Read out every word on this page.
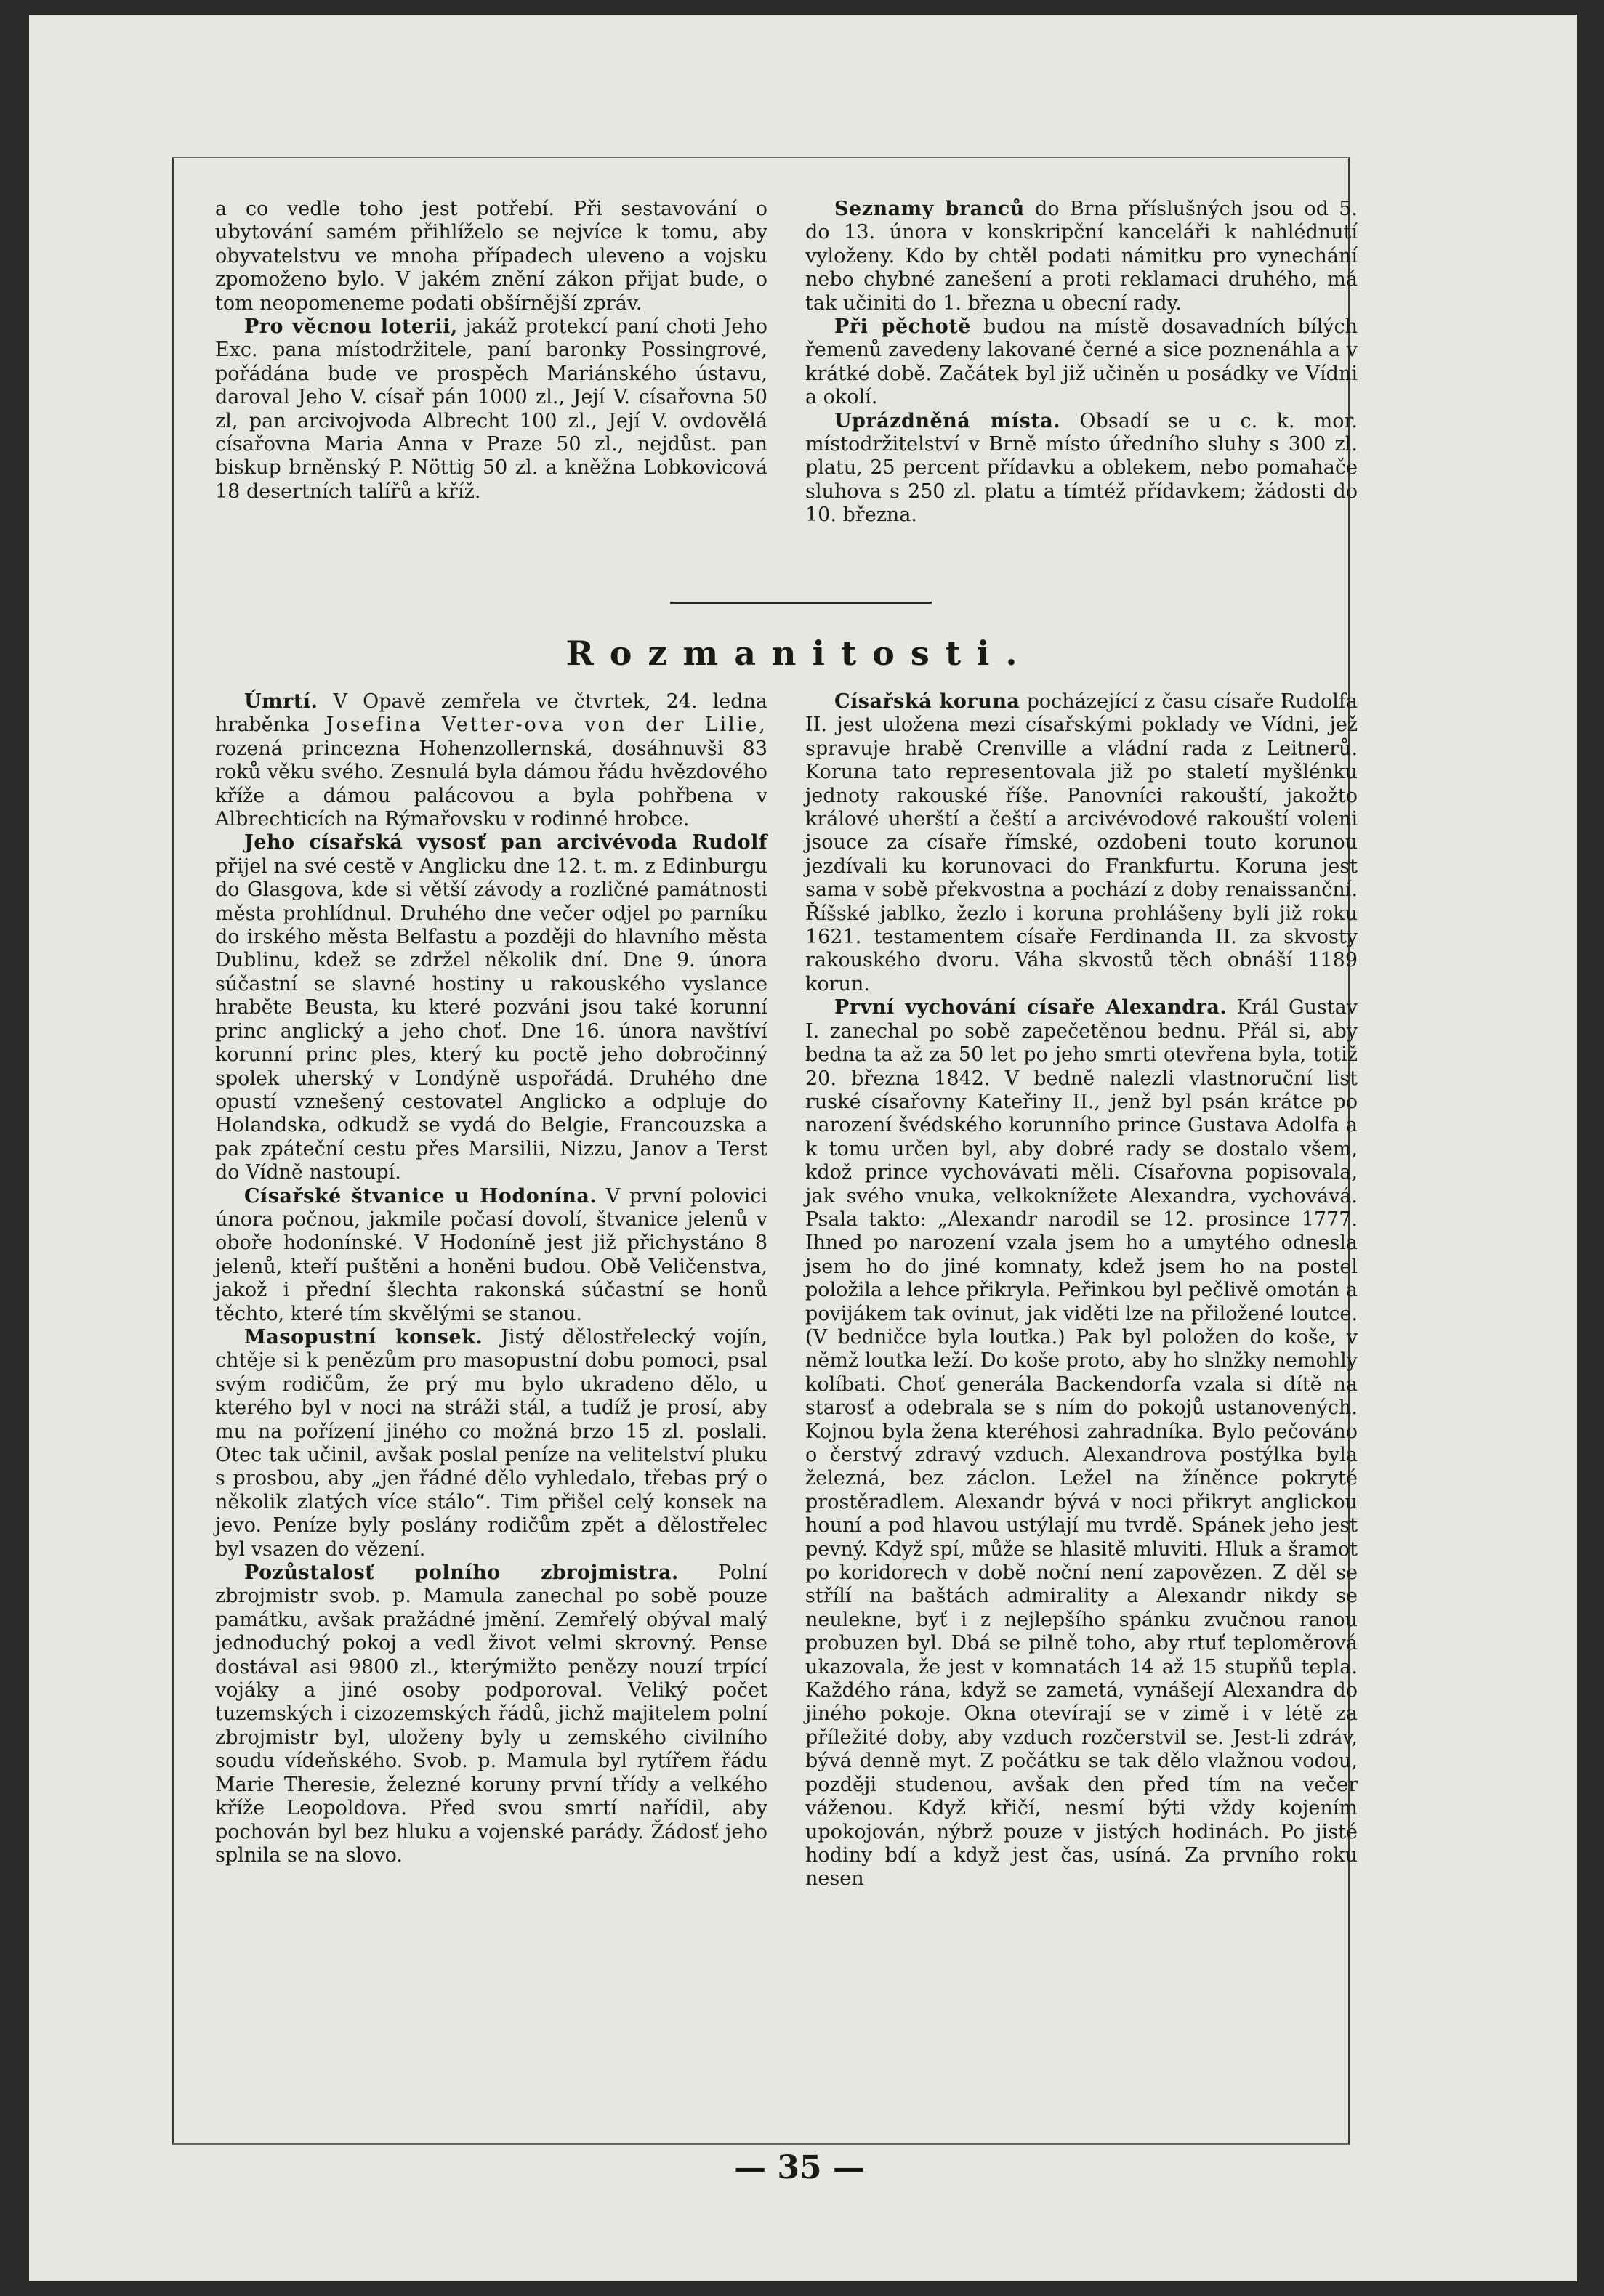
a co vedle toho jest potřebí. Při sestavování o ubytování samém přihlíželo se nejvíce k tomu, aby obyvatelstvu ve mnoha případech uleveno a vojsku zpomoženo bylo. V jakém znění zákon přijat bude, o tom neopomeneme podati obšírnější zpráv.

Pro věcnou loterii, jakáž protekcí paní choti Jeho Exc. pana místodržitele, paní baronky Possingrové, pořádána bude ve prospěch Mariánského ústavu, daroval Jeho V. císař pán 1000 zl., Její V. císařovna 50 zl, pan arcivojvoda Albrecht 100 zl., Její V. ovdovělá císařovna Maria Anna v Praze 50 zl., nejdůst. pan biskup brněnský P. Nöttig 50 zl. a kněžna Lobkovicová 18 desertních talířů a kříž.

Seznamy branců do Brna příslušných jsou od 5. do 13. února v konskripční kanceláři k nahlédnutí vyloženy. Kdo by chtěl podati námitku pro vynechání nebo chybné zanešení a proti reklamaci druhého, má tak učiniti do 1. března u obecní rady.

Při pěchotě budou na místě dosavadních bílých řemenů zavedeny lakované černé a sice poznenáhla a v krátké době. Začátek byl již učiněn u posádky ve Vídni a okolí.

Uprázdněná místa. Obsadí se u c. k. mor. místodržitelství v Brně místo úředního sluhy s 300 zl. platu, 25 percent přídavku a oblekem, nebo pomahače sluhova s 250 zl. platu a tímtéž přídavkem; žádosti do 10. března.

Rozmanitosti.

Úmrtí. V Opavě zemřela ve čtvrtek, 24. ledna hraběnka Josefina Vetter-ova von der Lilie, rozená princezna Hohenzollernská, dosáhnuvši 83 roků věku svého. Zesnulá byla dámou řádu hvězdového kříže a dámou palácovou a byla pohřbena v Albrechticích na Rýmařovsku v rodinné hrobce.

Jeho císařská vysosť pan arcivévoda Rudolf přijel na své cestě v Anglicku dne 12. t. m. z Edinburgu do Glasgova, kde si větší závody a rozličné památnosti města prohlídnul. Druhého dne večer odjel po parníku do irského města Belfastu a později do hlavního města Dublinu, kdež se zdržel několik dní. Dne 9. února súčastní se slavné hostiny u rakouského vyslance hraběte Beusta, ku které pozváni jsou také korunní princ anglický a jeho choť. Dne 16. února navštíví korunní princ ples, který ku poctě jeho dobročinný spolek uherský v Londýně uspořádá. Druhého dne opustí vznešený cestovatel Anglicko a odpluje do Holandska, odkudž se vydá do Belgie, Francouzska a pak zpáteční cestu přes Marsilii, Nizzu, Janov a Terst do Vídně nastoupí.

Císařské štvanice u Hodonína. V první polovici února počnou, jakmile počasí dovolí, štvanice jelenů v oboře hodonínské. V Hodoníně jest již přichystáno 8 jelenů, kteří puštěni a honěni budou. Obě Veličenstva, jakož i přední šlechta rakonská súčastní se honů těchto, které tím skvělými se stanou.

Masopustní konsek. Jistý dělostřelecký vojín, chtěje si k penězům pro masopustní dobu pomoci, psal svým rodičům, že prý mu bylo ukradeno dělo, u kterého byl v noci na stráži stál, a tudíž je prosí, aby mu na pořízení jiného co možná brzo 15 zl. poslali. Otec tak učinil, avšak poslal peníze na velitelství pluku s prosbou, aby „jen řádné dělo vyhledalo, třebas prý o několik zlatých více stálo“. Tim přišel celý konsek na jevo. Peníze byly poslány rodičům zpět a dělostřelec byl vsazen do vězení.

Pozůstalosť polního zbrojmistra. Polní zbrojmistr svob. p. Mamula zanechal po sobě pouze památku, avšak pražádné jmění. Zemřelý obýval malý jednoduchý pokoj a vedl život velmi skrovný. Pense dostával asi 9800 zl., kterýmižto penězy nouzí trpící vojáky a jiné osoby podporoval. Veliký počet tuzemských i cizozemských řádů, jichž majitelem polní zbrojmistr byl, uloženy byly u zemského civilního soudu vídeňského. Svob. p. Mamula byl rytířem řádu Marie Theresie, železné koruny první třídy a velkého kříže Leopoldova. Před svou smrtí nařídil, aby pochován byl bez hluku a vojenské parády. Žádosť jeho splnila se na slovo.

Císařská koruna pocházející z času císaře Rudolfa II. jest uložena mezi císařskými poklady ve Vídni, jež spravuje hrabě Crenville a vládní rada z Leitnerů. Koruna tato representovala již po staletí myšlénku jednoty rakouské říše. Panovníci rakouští, jakožto králové uherští a čeští a arcivévodové rakouští voleni jsouce za císaře římské, ozdobeni touto korunou jezdívali ku korunovaci do Frankfurtu. Koruna jest sama v sobě překvostna a pochází z doby renaissanční. Říšské jablko, žezlo i koruna prohlášeny byli již roku 1621. testamentem císaře Ferdinanda II. za skvosty rakouského dvoru. Váha skvostů těch obnáší 1189 korun.

První vychování císaře Alexandra. Král Gustav I. zanechal po sobě zapečetěnou bednu. Přál si, aby bedna ta až za 50 let po jeho smrti otevřena byla, totiž 20. března 1842. V bedně nalezli vlastnoruční list ruské císařovny Kateřiny II., jenž byl psán krátce po narození švédského korunního prince Gustava Adolfa a k tomu určen byl, aby dobré rady se dostalo všem, kdož prince vychovávati měli. Císařovna popisovala, jak svého vnuka, velkoknížete Alexandra, vychovává. Psala takto: „Alexandr narodil se 12. prosince 1777. Ihned po narození vzala jsem ho a umytého odnesla jsem ho do jiné komnaty, kdež jsem ho na postel položila a lehce přikryla. Peřinkou byl pečlivě omotán a povijákem tak ovinut, jak viděti lze na přiložené loutce. (V bedničce byla loutka.) Pak byl položen do koše, v němž loutka leží. Do koše proto, aby ho slnžky nemohly kolíbati. Choť generála Backendorfa vzala si dítě na starosť a odebrala se s ním do pokojů ustanovených. Kojnou byla žena kteréhosi zahradníka. Bylo pečováno o čerstvý zdravý vzduch. Alexandrova postýlka byla železná, bez záclon. Ležel na žíněnce pokryté prostěradlem. Alexandr bývá v noci přikryt anglickou houní a pod hlavou ustýlají mu tvrdě. Spánek jeho jest pevný. Když spí, může se hlasitě mluviti. Hluk a šramot po koridorech v době noční není zapovězen. Z děl se střílí na baštách admirality a Alexandr nikdy se neulekne, byť i z nejlepšího spánku zvučnou ranou probuzen byl. Dbá se pilně toho, aby rtuť teploměrová ukazovala, že jest v komnatách 14 až 15 stupňů tepla. Každého rána, když se zametá, vynášejí Alexandra do jiného pokoje. Okna otevírají se v zimě i v létě za příležité doby, aby vzduch rozčerstvil se. Jest-li zdráv, bývá denně myt. Z počátku se tak dělo vlažnou vodou, později studenou, avšak den před tím na večer váženou. Když křičí, nesmí býti vždy kojením upokojován, nýbrž pouze v jistých hodinách. Po jisté hodiny bdí a když jest čas, usíná. Za prvního roku nesen

— 35 —
